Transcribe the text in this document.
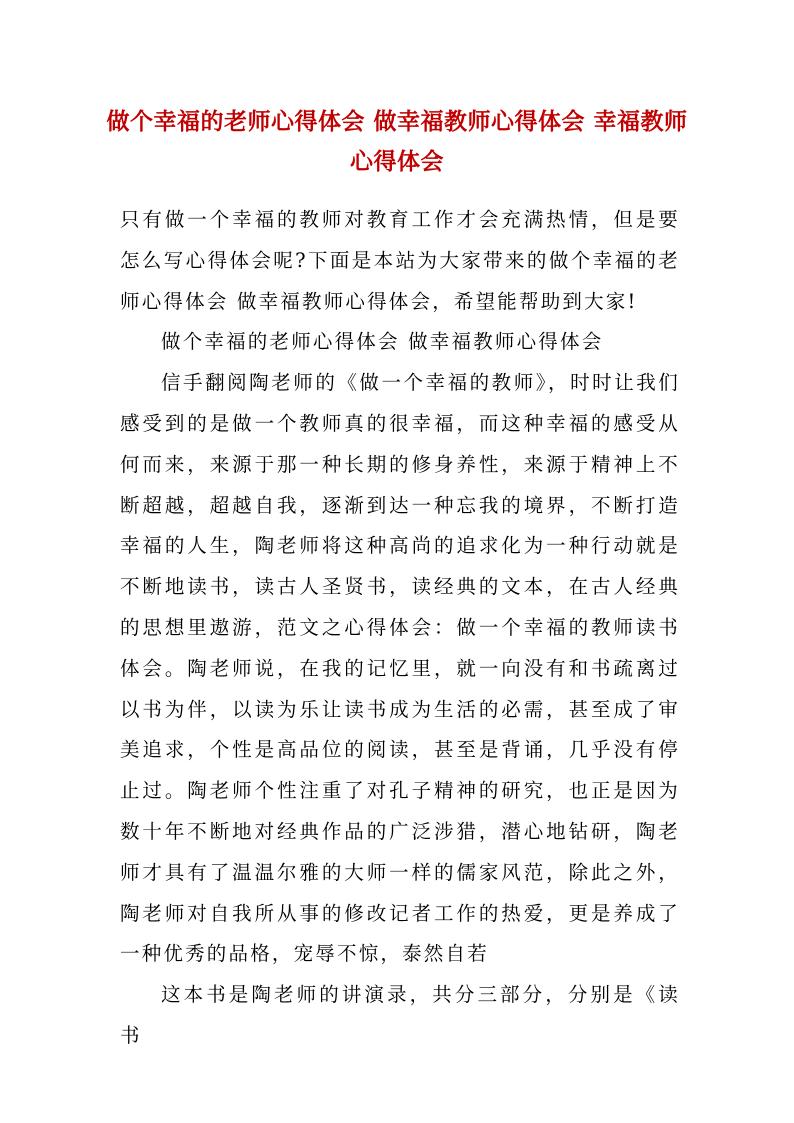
做个幸福的老师心得体会 做幸福教师心得体会 幸福教师心得体会

只有做一个幸福的教师对教育工作才会充满热情，但是要怎么写心得体会呢?下面是本站为大家带来的做个幸福的老师心得体会 做幸福教师心得体会，希望能帮助到大家!

做个幸福的老师心得体会 做幸福教师心得体会

信手翻阅陶老师的《做一个幸福的教师》，时时让我们感受到的是做一个教师真的很幸福，而这种幸福的感受从何而来，来源于那一种长期的修身养性，来源于精神上不断超越，超越自我，逐渐到达一种忘我的境界，不断打造幸福的人生，陶老师将这种高尚的追求化为一种行动就是不断地读书，读古人圣贤书，读经典的文本，在古人经典的思想里遨游，范文之心得体会：做一个幸福的教师读书体会。陶老师说，在我的记忆里，就一向没有和书疏离过以书为伴，以读为乐让读书成为生活的必需，甚至成了审美追求，个性是高品位的阅读，甚至是背诵，几乎没有停止过。陶老师个性注重了对孔子精神的研究，也正是因为数十年不断地对经典作品的广泛涉猎，潜心地钻研，陶老师才具有了温温尔雅的大师一样的儒家风范，除此之外，陶老师对自我所从事的修改记者工作的热爱，更是养成了一种优秀的品格，宠辱不惊，泰然自若

这本书是陶老师的讲演录，共分三部分，分别是《读书
